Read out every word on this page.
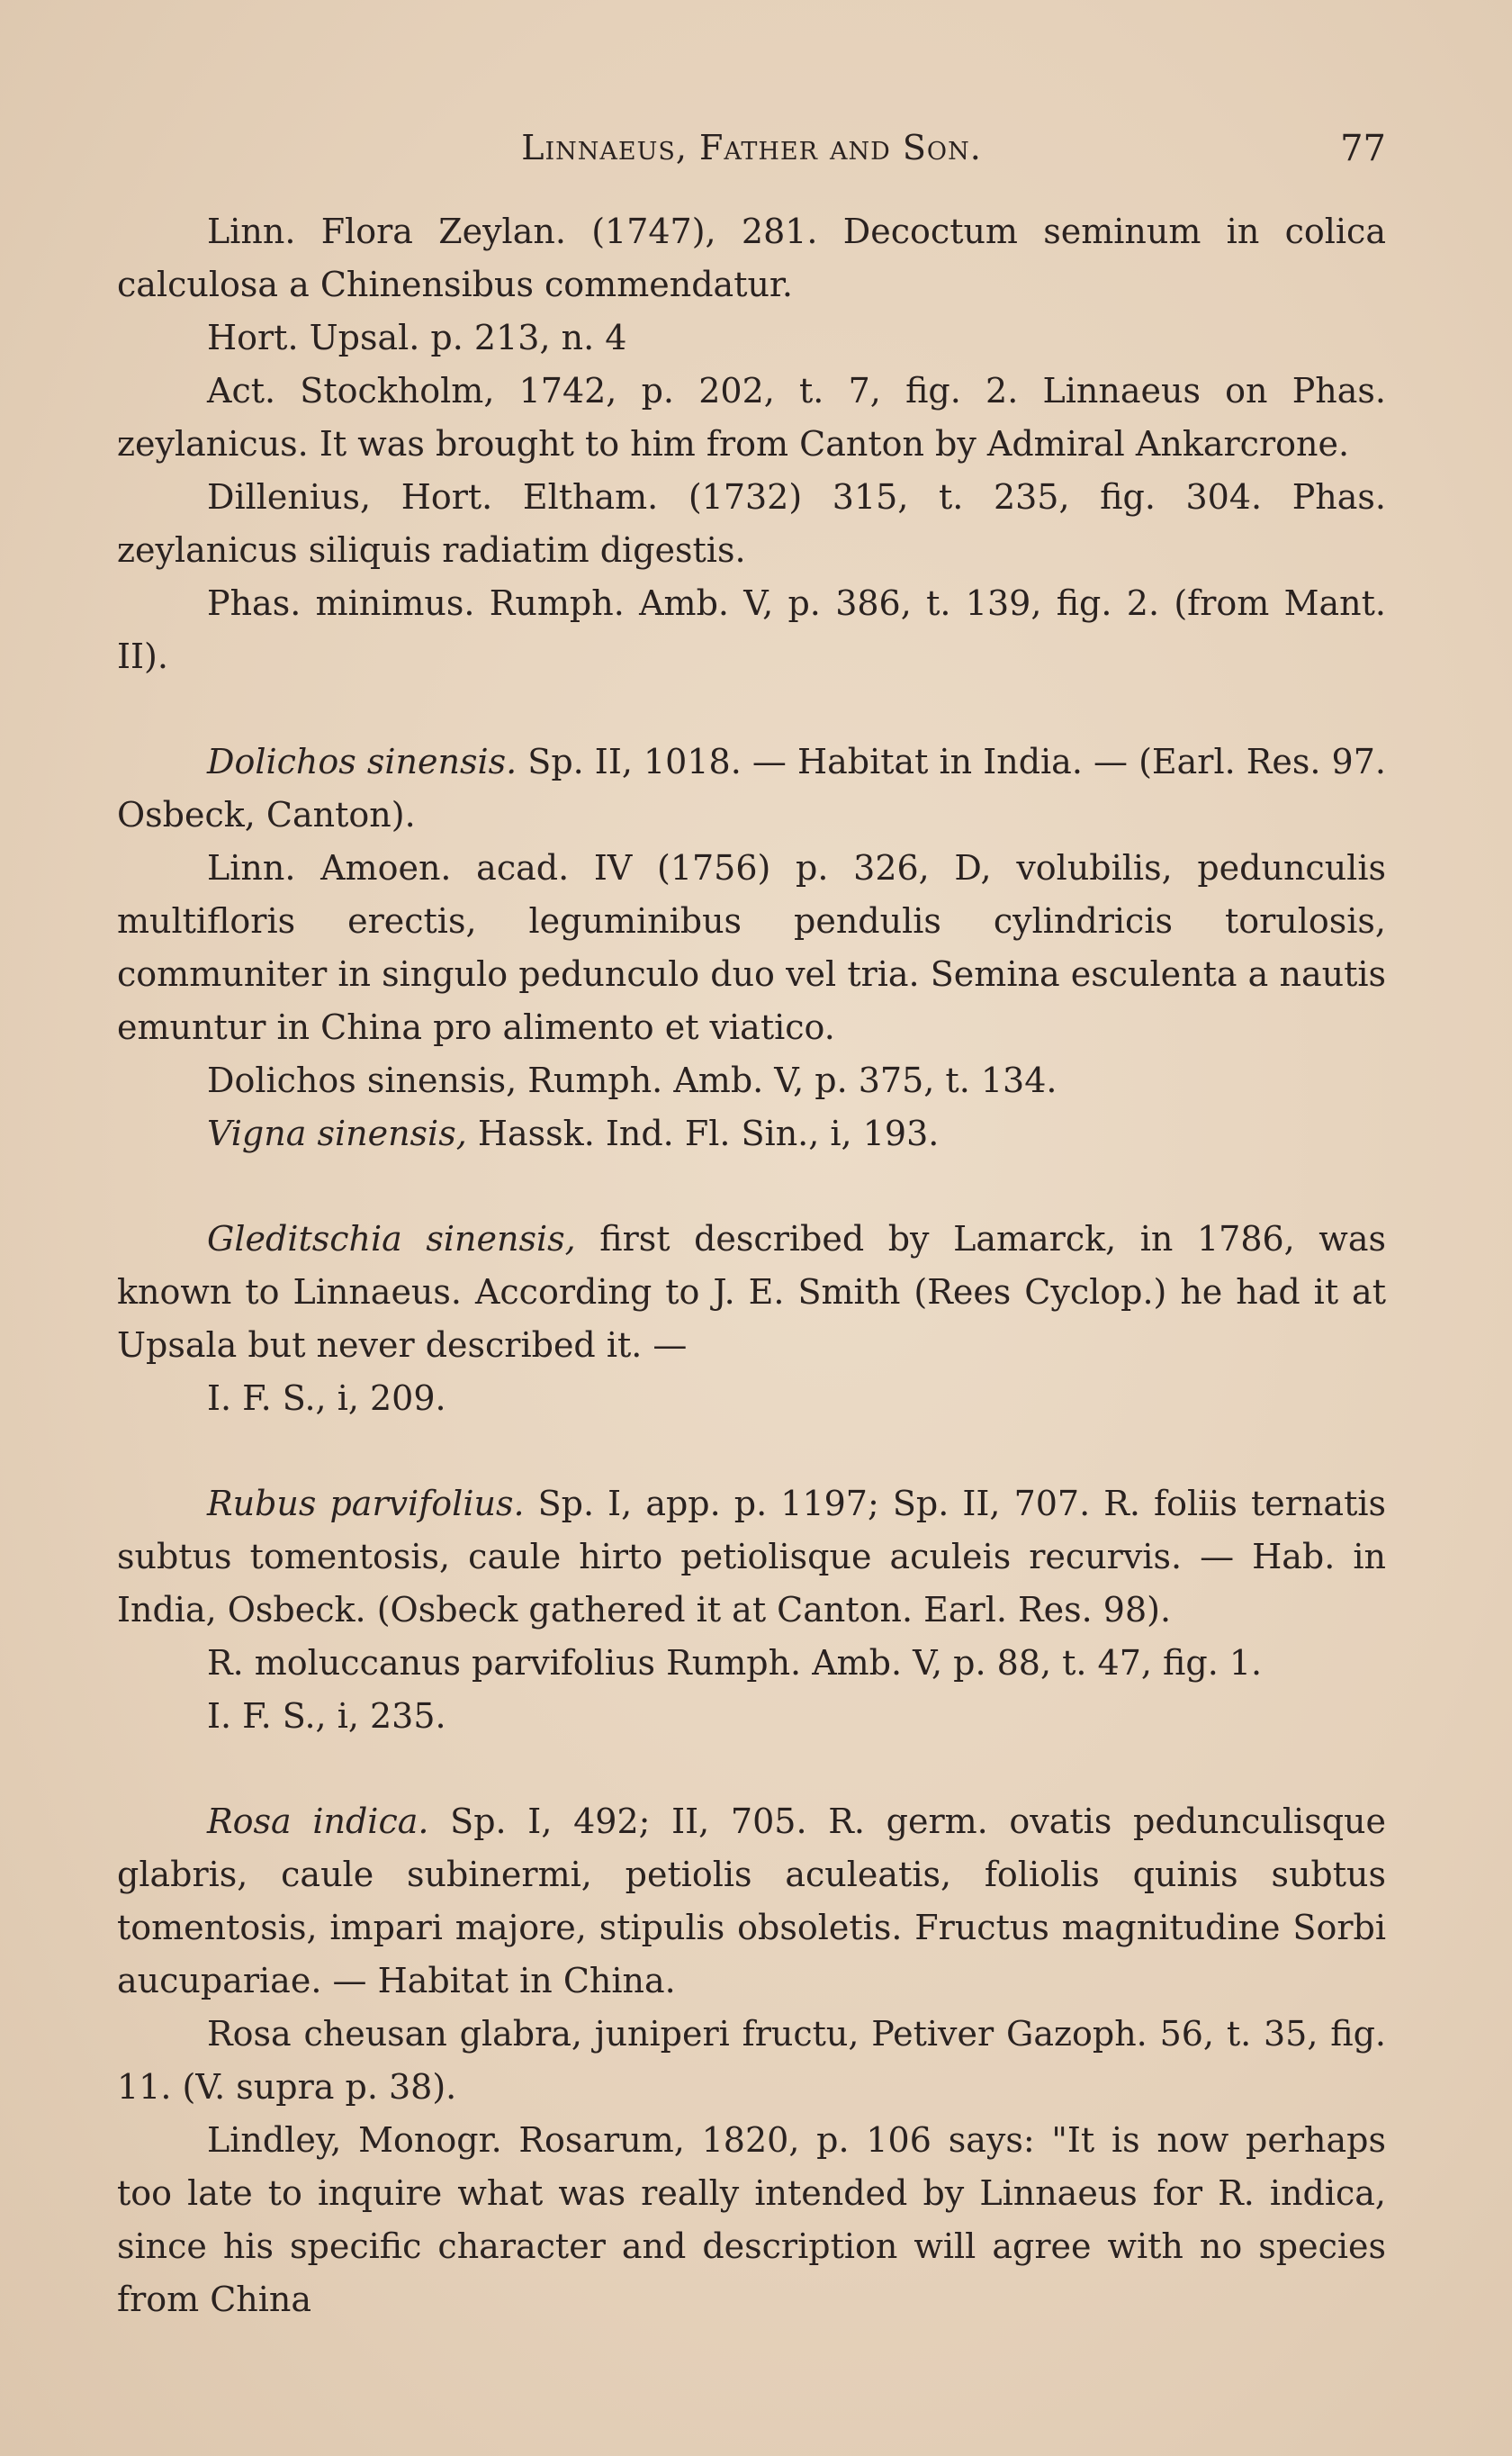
Linnaeus, Father and Son.	77

Linn. Flora Zeylan. (1747), 281. Decoctum seminum in colica calculosa a Chinensibus commendatur.

Hort. Upsal. p. 213, n. 4

Act. Stockholm, 1742, p. 202, t. 7, fig. 2. Linnaeus on Phas. zeylanicus. It was brought to him from Canton by Admiral Ankarcrone.

Dillenius, Hort. Eltham. (1732) 315, t. 235, fig. 304. Phas. zeylanicus siliquis radiatim digestis.

Phas. minimus. Rumph. Amb. V, p. 386, t. 139, fig. 2. (from Mant. II).

Dolichos sinensis. Sp. II, 1018. — Habitat in India. — (Earl. Res. 97. Osbeck, Canton).

Linn. Amoen. acad. IV (1756) p. 326, D, volubilis, pedunculis multifloris erectis, leguminibus pendulis cylindricis torulosis, communiter in singulo pedunculo duo vel tria. Semina esculenta a nautis emuntur in China pro alimento et viatico.

Dolichos sinensis, Rumph. Amb. V, p. 375, t. 134.

Vigna sinensis, Hassk. Ind. Fl. Sin., i, 193.

Gleditschia sinensis, first described by Lamarck, in 1786, was known to Linnaeus. According to J. E. Smith (Rees Cyclop.) he had it at Upsala but never described it. —

I. F. S., i, 209.

Rubus parvifolius. Sp. I, app. p. 1197; Sp. II, 707. R. foliis ternatis subtus tomentosis, caule hirto petiolisque aculeis recurvis. — Hab. in India, Osbeck. (Osbeck gathered it at Canton. Earl. Res. 98).

R. moluccanus parvifolius Rumph. Amb. V, p. 88, t. 47, fig. 1.

I. F. S., i, 235.

Rosa indica. Sp. I, 492; II, 705. R. germ. ovatis pedunculisque glabris, caule subinermi, petiolis aculeatis, foliolis quinis subtus tomentosis, impari majore, stipulis obsoletis. Fructus magnitudine Sorbi aucupariae. — Habitat in China.

Rosa cheusan glabra, juniperi fructu, Petiver Gazoph. 56, t. 35, fig. 11. (V. supra p. 38).

Lindley, Monogr. Rosarum, 1820, p. 106 says: "It is now perhaps too late to inquire what was really intended by Linnaeus for R. indica, since his specific character and description will agree with no species from China
